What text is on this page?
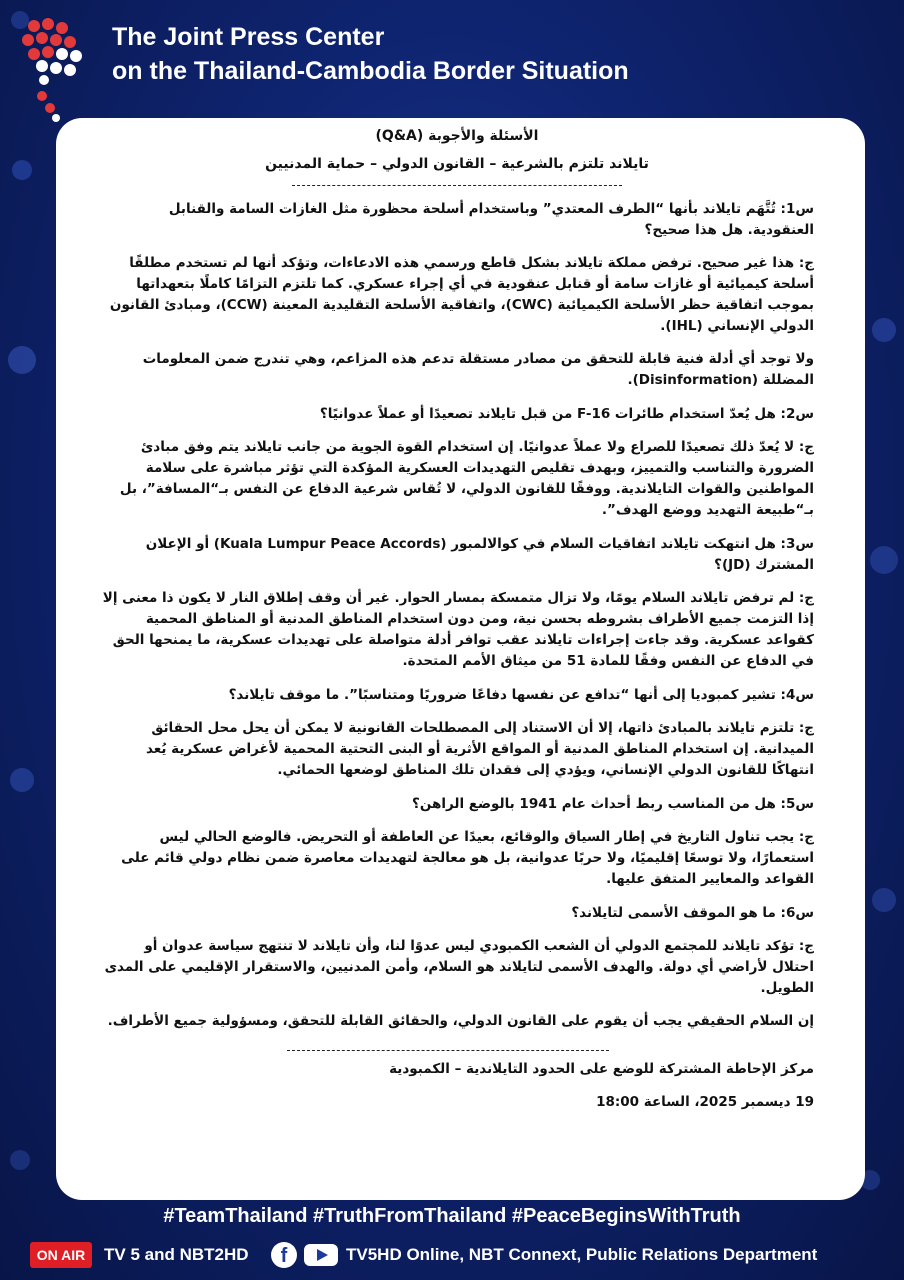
The Joint Press Center
on the Thailand-Cambodia Border Situation
الأسئلة والأجوبة (Q&A)
تايلاند تلتزم بالشرعية – القانون الدولي – حماية المدنيين
س1: تُتَّهَم تايلاند بأنها “الطرف المعتدي” وباستخدام أسلحة محظورة مثل الغازات السامة والقنابل العنقودية. هل هذا صحيح؟
ج: هذا غير صحيح. ترفض مملكة تايلاند بشكل قاطع ورسمي هذه الادعاءات، وتؤكد أنها لم تستخدم مطلقًا أسلحة كيميائية أو غازات سامة أو قنابل عنقودية في أي إجراء عسكري. كما تلتزم التزامًا كاملًا بتعهداتها بموجب اتفاقية حظر الأسلحة الكيميائية (CWC)، واتفاقية الأسلحة التقليدية المعينة (CCW)، ومبادئ القانون الدولي الإنساني (IHL).
ولا توجد أي أدلة فنية قابلة للتحقق من مصادر مستقلة تدعم هذه المزاعم، وهي تندرج ضمن المعلومات المضللة (Disinformation).
س2: هل يُعدّ استخدام طائرات F-16 من قبل تايلاند تصعيدًا أو عملاً عدوانيًا؟
ج: لا يُعدّ ذلك تصعيدًا للصراع ولا عملاً عدوانيًا. إن استخدام القوة الجوية من جانب تايلاند يتم وفق مبادئ الضرورة والتناسب والتمييز، وبهدف تقليص التهديدات العسكرية المؤكدة التي تؤثر مباشرة على سلامة المواطنين والقوات التايلاندية. ووفقًا للقانون الدولي، لا تُقاس شرعية الدفاع عن النفس بـ“المسافة”، بل بـ“طبيعة التهديد ووضع الهدف”.
س3: هل انتهكت تايلاند اتفاقيات السلام في كوالالمبور (Kuala Lumpur Peace Accords) أو الإعلان المشترك (JD)؟
ج: لم ترفض تايلاند السلام يومًا، ولا تزال متمسكة بمسار الحوار. غير أن وقف إطلاق النار لا يكون ذا معنى إلا إذا التزمت جميع الأطراف بشروطه بحسن نية، ومن دون استخدام المناطق المدنية أو المناطق المحمية كقواعد عسكرية. وقد جاءت إجراءات تايلاند عقب توافر أدلة متواصلة على تهديدات عسكرية، ما يمنحها الحق في الدفاع عن النفس وفقًا للمادة 51 من ميثاق الأمم المتحدة.
س4: تشير كمبوديا إلى أنها “تدافع عن نفسها دفاعًا ضروريًا ومتناسبًا”. ما موقف تايلاند؟
ج: تلتزم تايلاند بالمبادئ ذاتها، إلا أن الاستناد إلى المصطلحات القانونية لا يمكن أن يحل محل الحقائق الميدانية. إن استخدام المناطق المدنية أو المواقع الأثرية أو البنى التحتية المحمية لأغراض عسكرية يُعد انتهاكًا للقانون الدولي الإنساني، ويؤدي إلى فقدان تلك المناطق لوضعها الحمائي.
س5: هل من المناسب ربط أحداث عام 1941 بالوضع الراهن؟
ج: يجب تناول التاريخ في إطار السياق والوقائع، بعيدًا عن العاطفة أو التحريض. فالوضع الحالي ليس استعمارًا، ولا توسعًا إقليميًا، ولا حربًا عدوانية، بل هو معالجة لتهديدات معاصرة ضمن نظام دولي قائم على القواعد والمعايير المتفق عليها.
س6: ما هو الموقف الأسمى لتايلاند؟
ج: تؤكد تايلاند للمجتمع الدولي أن الشعب الكمبودي ليس عدوًا لنا، وأن تايلاند لا تنتهج سياسة عدوان أو احتلال لأراضي أي دولة. والهدف الأسمى لتايلاند هو السلام، وأمن المدنيين، والاستقرار الإقليمي على المدى الطويل.
إن السلام الحقيقي يجب أن يقوم على القانون الدولي، والحقائق القابلة للتحقق، ومسؤولية جميع الأطراف.
مركز الإحاطة المشتركة للوضع على الحدود التايلاندية – الكمبودية
19 ديسمبر 2025، الساعة 18:00
#TeamThailand #TruthFromThailand #PeaceBeginsWithTruth
ON AIR	TV 5 and NBT2HD	f	TV5HD Online, NBT Connext, Public Relations Department
